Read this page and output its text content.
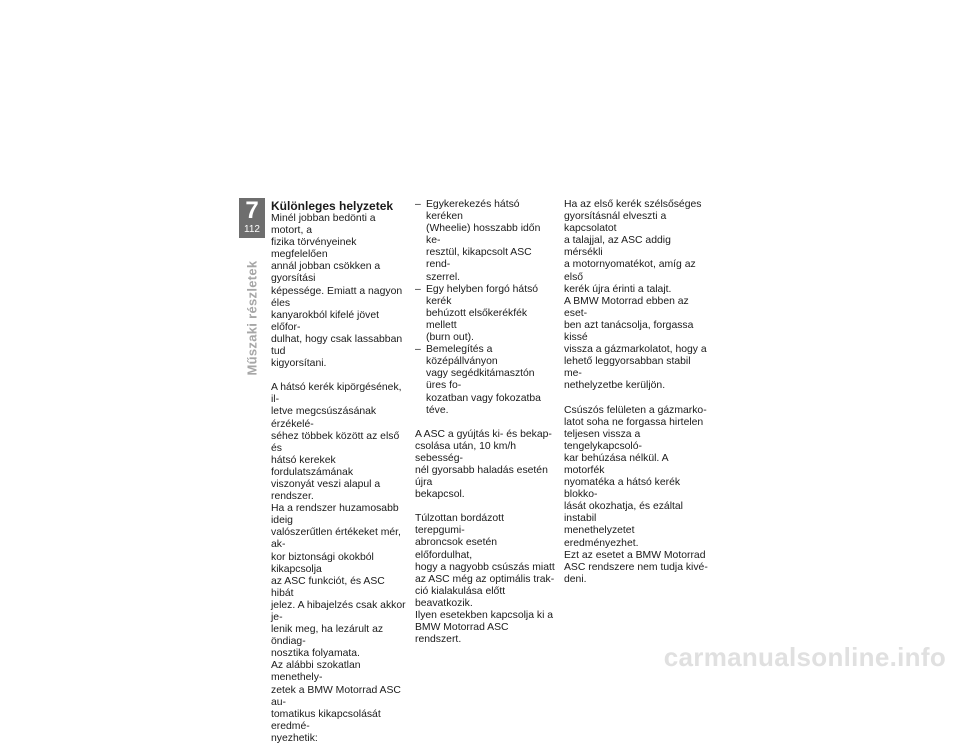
7
112
Műszaki részletek
Különleges helyzetek

Minél jobban bedönti a motort, a
fizika törvényeinek megfelelően
annál jobban csökken a gyorsítási
képessége. Emiatt a nagyon éles
kanyarokból kifelé jövet előfor-
dulhat, hogy csak lassabban tud
kigyorsítani.

A hátsó kerék kipörgésének, il-
letve megcsúszásának érzékelé-
séhez többek között az első és
hátsó kerekek fordulatszámának
viszonyát veszi alapul a rendszer.
Ha a rendszer huzamosabb ideig
valószerűtlen értékeket mér, ak-
kor biztonsági okokból kikapcsolja
az ASC funkciót, és ASC hibát
jelez. A hibajelzés csak akkor je-
lenik meg, ha lezárult az öndiag-
nosztika folyamata.
Az alábbi szokatlan menethely-
zetek a BMW Motorrad ASC au-
tomatikus kikapcsolását eredmé-
nyezhetik:

– Egykerekezés hátsó keréken
(Wheelie) hosszabb időn ke-
resztül, kikapcsolt ASC rend-
szerrel.
– Egy helyben forgó hátsó kerék
behúzott elsőkerékfék mellett
(burn out).
– Bemelegítés a középállványon
vagy segédkitámasztón üres fo-
kozatban vagy fokozatba téve.

A ASC a gyújtás ki- és bekap-
csolása után, 10 km/h sebesség-
nél gyorsabb haladás esetén újra
bekapcsol.

Túlzottan bordázott terepgumi-
abroncsok esetén előfordulhat,
hogy a nagyobb csúszás miatt
az ASC még az optimális trak-
ció kialakulása előtt beavatkozik.
Ilyen esetekben kapcsolja ki a
BMW Motorrad ASC rendszert.

Ha az első kerék szélsőséges
gyorsításnál elveszti a kapcsolatot
a talajjal, az ASC addig mérsékli
a motornyomatékot, amíg az első
kerék újra érinti a talajt.
A BMW Motorrad ebben az eset-
ben azt tanácsolja, forgassa kissé
vissza a gázmarkolatot, hogy a
lehető leggyorsabban stabil me-
nethelyzetbe kerüljön.

Csúszós felületen a gázmarko-
latot soha ne forgassa hirtelen
teljesen vissza a tengelykapcsoló-
kar behúzása nélkül. A motorfék
nyomatéka a hátsó kerék blokko-
lását okozhatja, és ezáltal instabil
menethelyzetet eredményezhet.
Ezt az esetet a BMW Motorrad
ASC rendszere nem tudja kivé-
deni.

carmanualsonline.info
